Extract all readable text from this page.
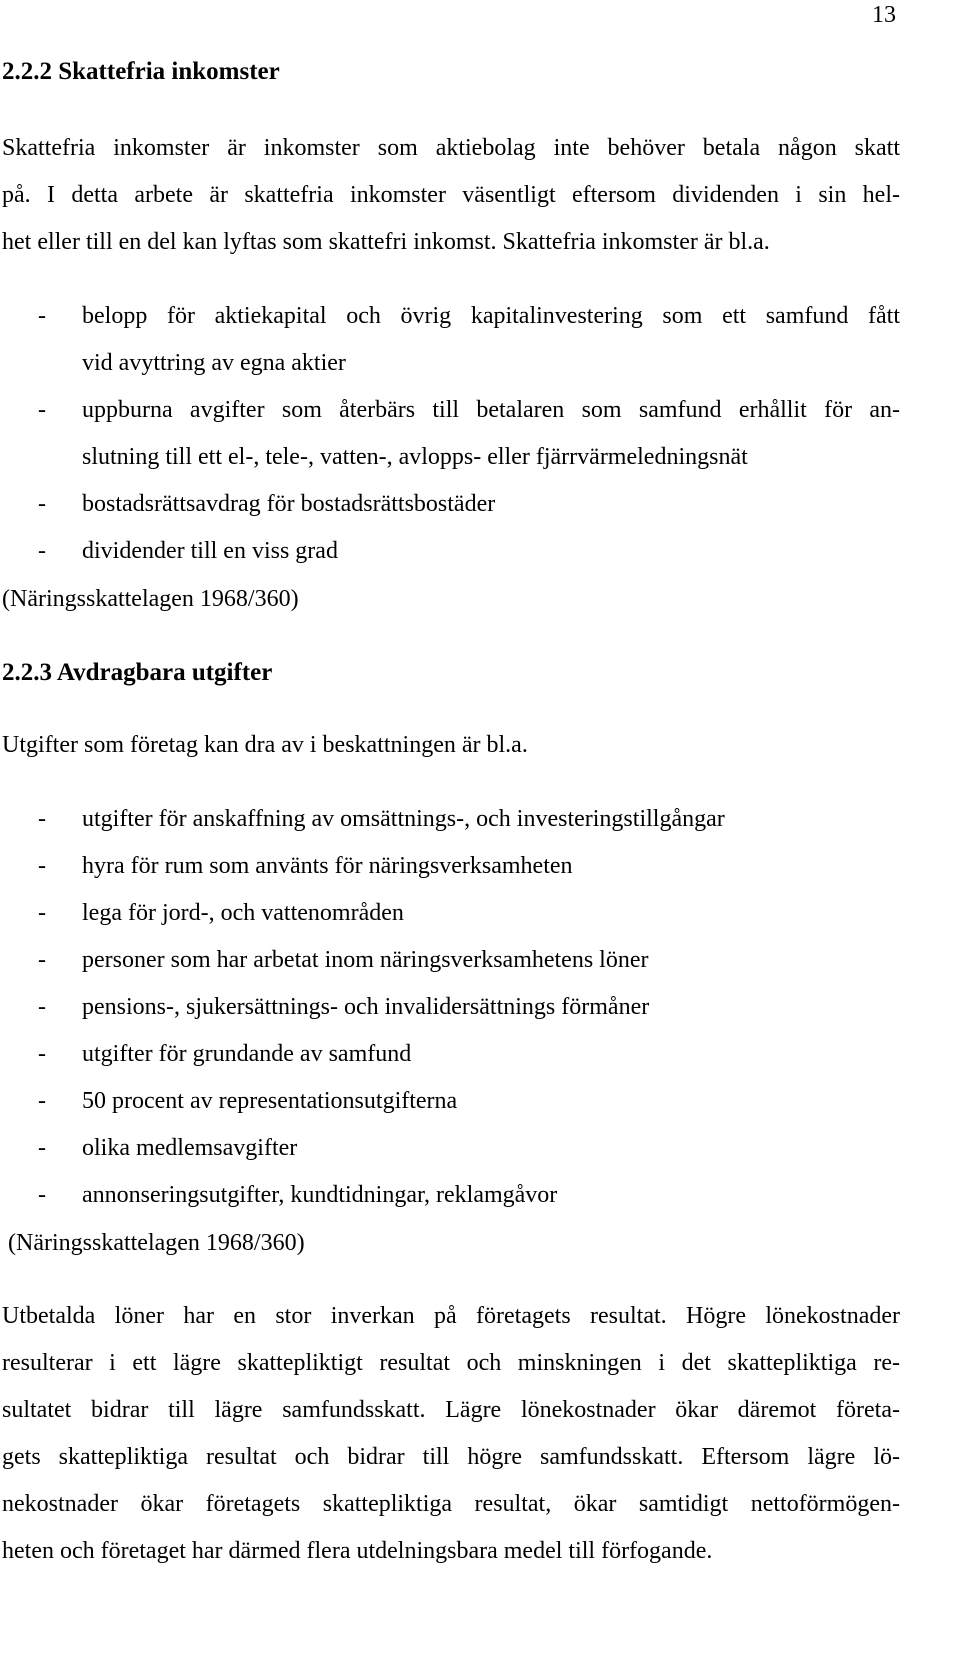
13
2.2.2 Skattefria inkomster
Skattefria inkomster är inkomster som aktiebolag inte behöver betala någon skatt
på. I detta arbete är skattefria inkomster väsentligt eftersom dividenden i sin hel-
het eller till en del kan lyftas som skattefri inkomst. Skattefria inkomster är bl.a.
- belopp för aktiekapital och övrig kapitalinvestering som ett samfund fått
vid avyttring av egna aktier
- uppburna avgifter som återbärs till betalaren som samfund erhållit för an-
slutning till ett el-, tele-, vatten-, avlopps- eller fjärrvärmeledningsnät
- bostadsrättsavdrag för bostadsrättsbostäder
- dividender till en viss grad
(Näringsskattelagen 1968/360)
2.2.3 Avdragbara utgifter
Utgifter som företag kan dra av i beskattningen är bl.a.
- utgifter för anskaffning av omsättnings-, och investeringstillgångar
- hyra för rum som använts för näringsverksamheten
- lega för jord-, och vattenområden
- personer som har arbetat inom näringsverksamhetens löner
- pensions-, sjukersättnings- och invalidersättnings förmåner
- utgifter för grundande av samfund
- 50 procent av representationsutgifterna
- olika medlemsavgifter
- annonseringsutgifter, kundtidningar, reklamgåvor
(Näringsskattelagen 1968/360)
Utbetalda löner har en stor inverkan på företagets resultat. Högre lönekostnader
resulterar i ett lägre skattepliktigt resultat och minskningen i det skattepliktiga re-
sultatet bidrar till lägre samfundsskatt. Lägre lönekostnader ökar däremot företa-
gets skattepliktiga resultat och bidrar till högre samfundsskatt. Eftersom lägre lö-
nekostnader ökar företagets skattepliktiga resultat, ökar samtidigt nettoförmögen-
heten och företaget har därmed flera utdelningsbara medel till förfogande.
